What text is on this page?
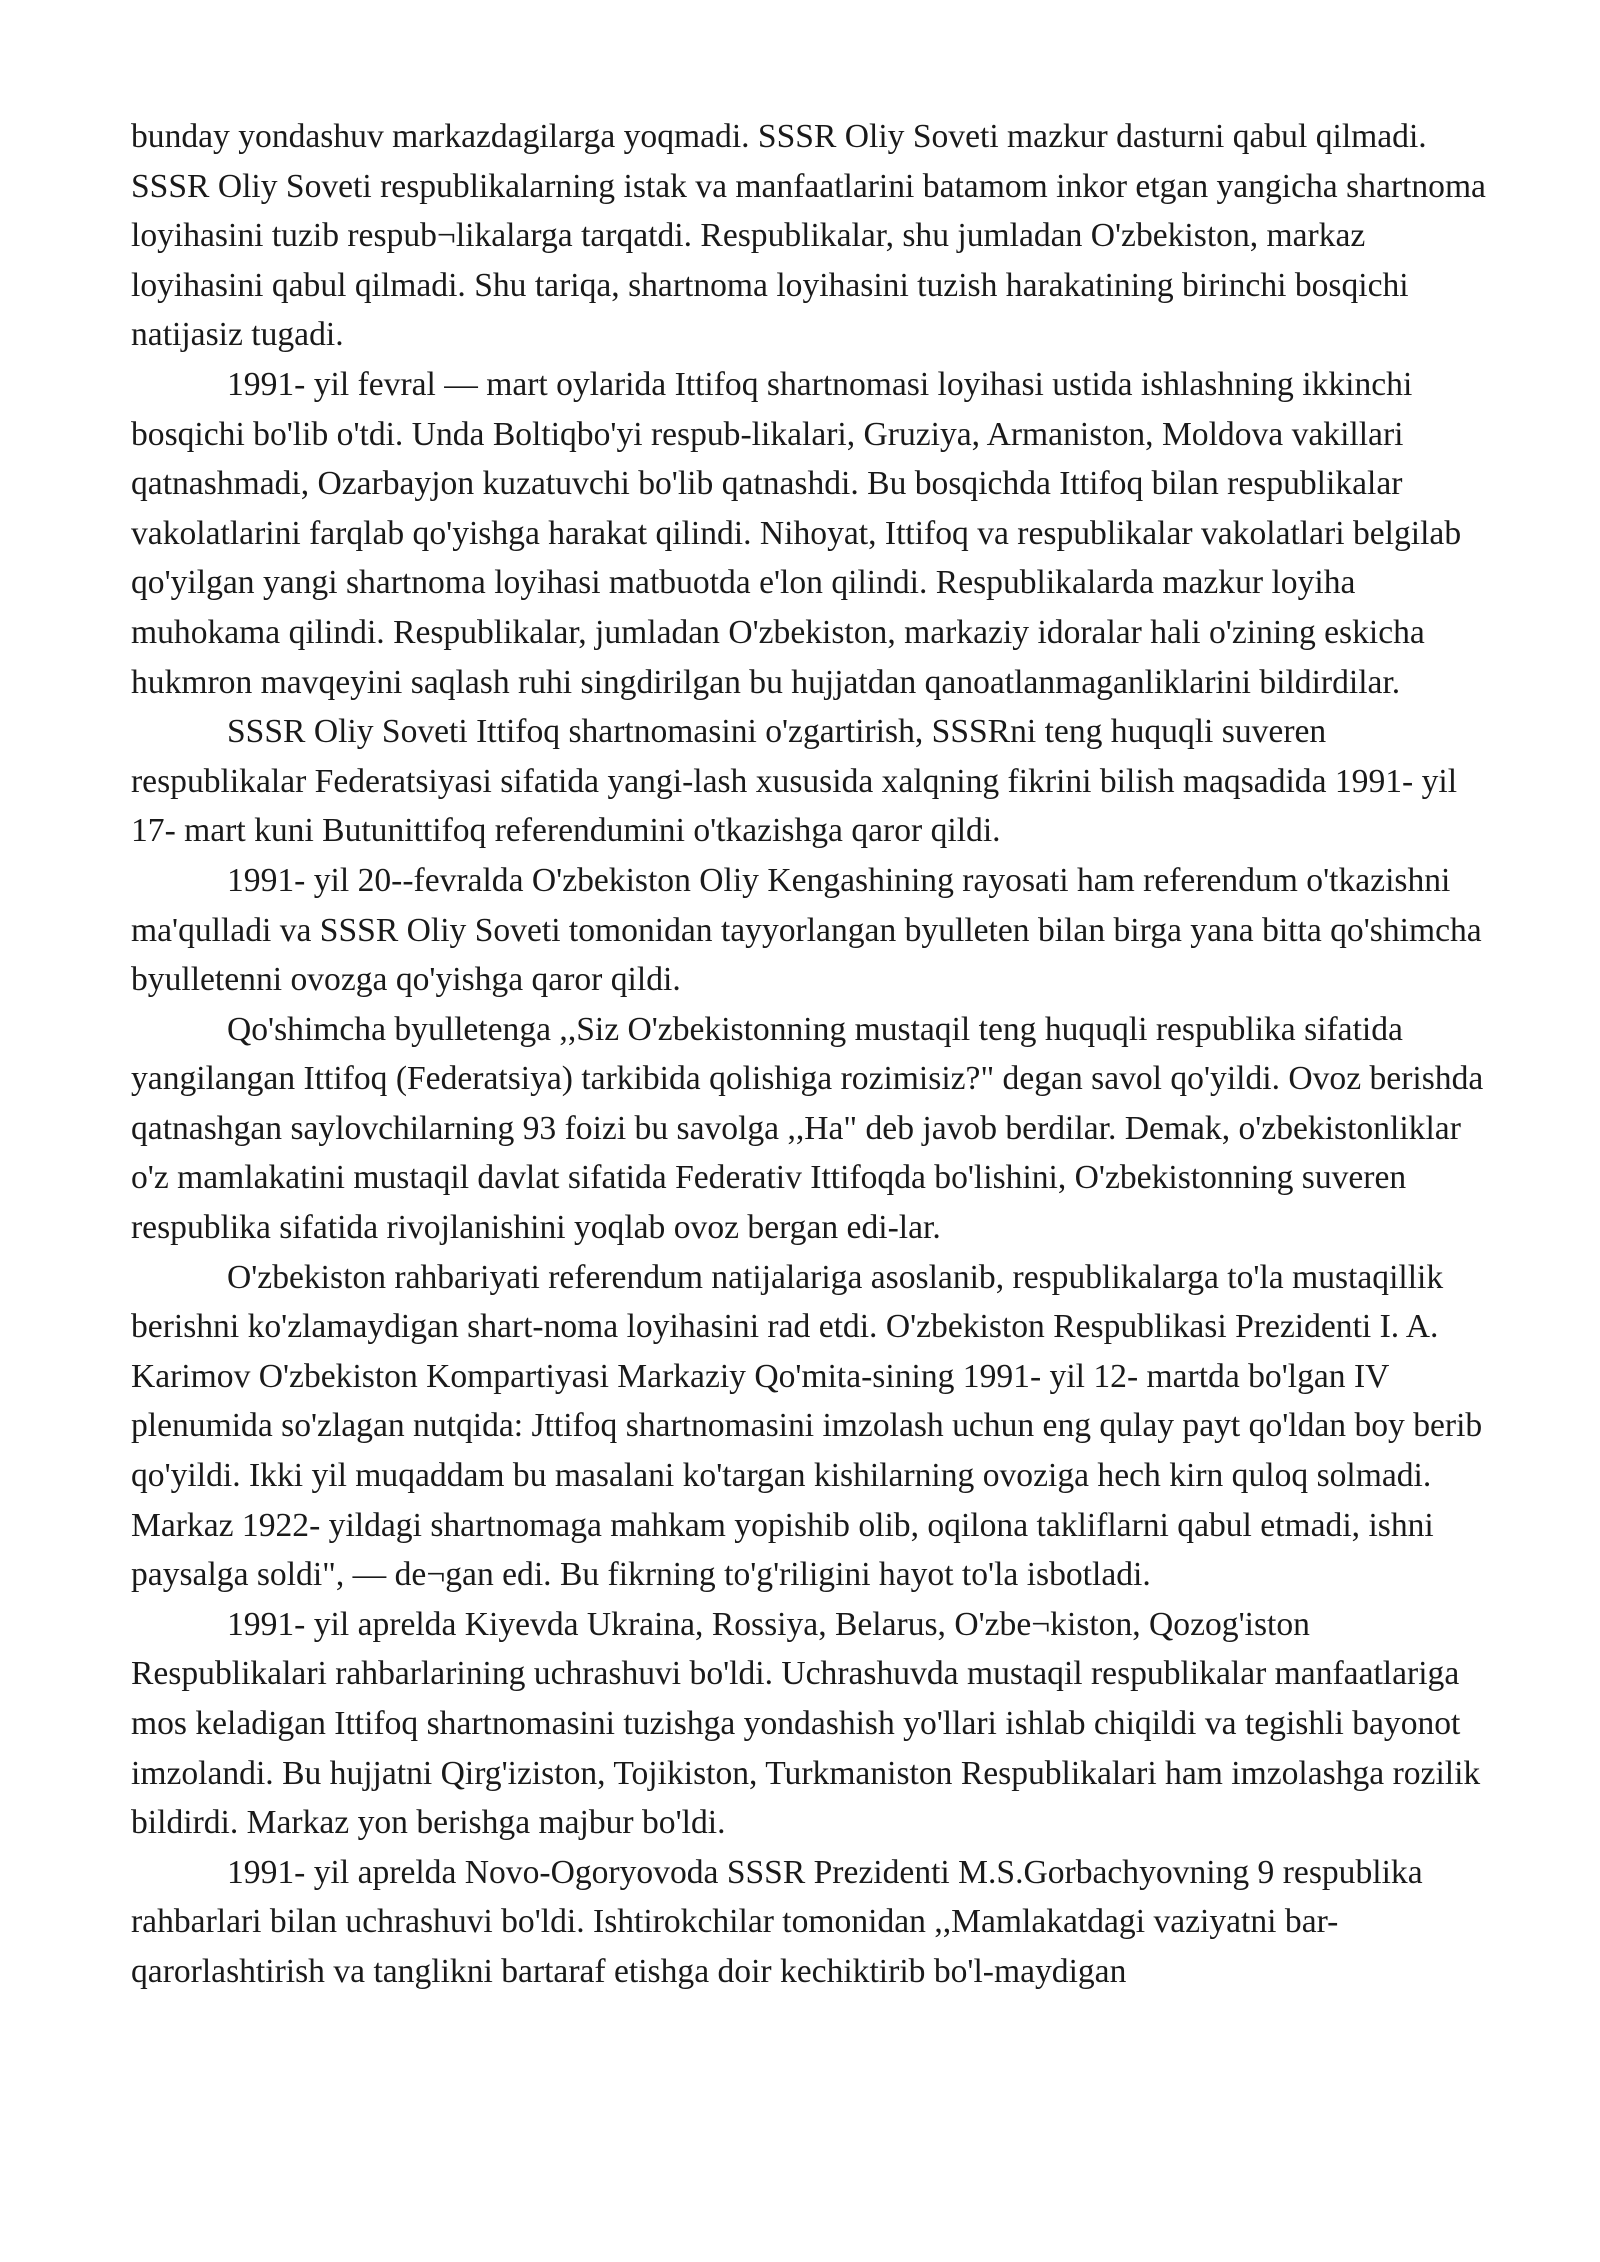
bunday yondashuv markazdagilarga yoqmadi. SSSR Oliy Soveti mazkur dasturni qabul qilmadi. SSSR Oliy Soveti respublikalarning istak va manfaatlarini batamom inkor etgan yangicha shartnoma loyihasini tuzib respub¬likalarga tarqatdi. Respublikalar, shu jumladan O'zbekiston, markaz loyihasini qabul qilmadi. Shu tariqa, shartnoma loyihasini tuzish harakatining birinchi bosqichi natijasiz tugadi.

1991- yil fevral — mart oylarida Ittifoq shartnomasi loyihasi ustida ishlashning ikkinchi bosqichi bo'lib o'tdi. Unda Boltiqbo'yi respub-likalari, Gruziya, Armaniston, Moldova vakillari qatnashmadi, Ozarbayjon kuzatuvchi bo'lib qatnashdi. Bu bosqichda Ittifoq bilan respublikalar vakolatlarini farqlab qo'yishga harakat qilindi. Nihoyat, Ittifoq va respublikalar vakolatlari belgilab qo'yilgan yangi shartnoma loyihasi matbuotda e'lon qilindi. Respublikalarda mazkur loyiha muhokama qilindi. Respublikalar, jumladan O'zbekiston, markaziy idoralar hali o'zining eskicha hukmron mavqeyini saqlash ruhi singdirilgan bu hujjatdan qanoatlanmaganliklarini bildirdilar.

SSSR Oliy Soveti Ittifoq shartnomasini o'zgartirish, SSSRni teng huquqli suveren respublikalar Federatsiyasi sifatida yangi-lash xususida xalqning fikrini bilish maqsadida 1991- yil 17- mart kuni Butunittifoq referendumini o'tkazishga qaror qildi.

1991- yil 20--fevralda O'zbekiston Oliy Kengashining rayosati ham referendum o'tkazishni ma'qulladi va SSSR Oliy Soveti tomonidan tayyorlangan byulleten bilan birga yana bitta qo'shimcha byulletenni ovozga qo'yishga qaror qildi.

Qo'shimcha byulletenga ,,Siz O'zbekistonning mustaqil teng huquqli respublika sifatida yangilangan Ittifoq (Federatsiya) tarkibida qolishiga rozimisiz?" degan savol qo'yildi. Ovoz berishda qatnashgan saylovchilarning 93 foizi bu savolga ,,Ha" deb javob berdilar. Demak, o'zbekistonliklar o'z mamlakatini mustaqil davlat sifatida Federativ Ittifoqda bo'lishini, O'zbekistonning suveren respublika sifatida rivojlanishini yoqlab ovoz bergan edi-lar.

O'zbekiston rahbariyati referendum natijalariga asoslanib, respublikalarga to'la mustaqillik berishni ko'zlamaydigan shart-noma loyihasini rad etdi. O'zbekiston Respublikasi Prezidenti I. A. Karimov O'zbekiston Kompartiyasi Markaziy Qo'mita-sining 1991- yil 12- martda bo'lgan IV plenumida so'zlagan nutqida: Jttifoq shartnomasini imzolash uchun eng qulay payt qo'ldan boy berib qo'yildi. Ikki yil muqaddam bu masalani ko'targan kishilarning ovoziga hech kirn quloq solmadi. Markaz 1922- yildagi shartnomaga mahkam yopishib olib, oqilona takliflarni qabul etmadi, ishni paysalga soldi", — de¬gan edi. Bu fikrning to'g'riligini hayot to'la isbotladi.

1991- yil aprelda Kiyevda Ukraina, Rossiya, Belarus, O'zbe¬kiston, Qozog'iston Respublikalari rahbarlarining uchrashuvi bo'ldi. Uchrashuvda mustaqil respublikalar manfaatlariga mos keladigan Ittifoq shartnomasini tuzishga yondashish yo'llari ishlab chiqildi va tegishli bayonot imzolandi. Bu hujjatni Qirg'iziston, Tojikiston, Turkmaniston Respublikalari ham imzolashga rozilik bildirdi. Markaz yon berishga majbur bo'ldi.

1991- yil aprelda Novo-Ogoryovoda SSSR Prezidenti M.S.Gorbachyovning 9 respublika rahbarlari bilan uchrashuvi bo'ldi. Ishtirokchilar tomonidan ,,Mamlakatdagi vaziyatni bar-qarorlashtirish va tanglikni bartaraf etishga doir kechiktirib bo'l-maydigan
